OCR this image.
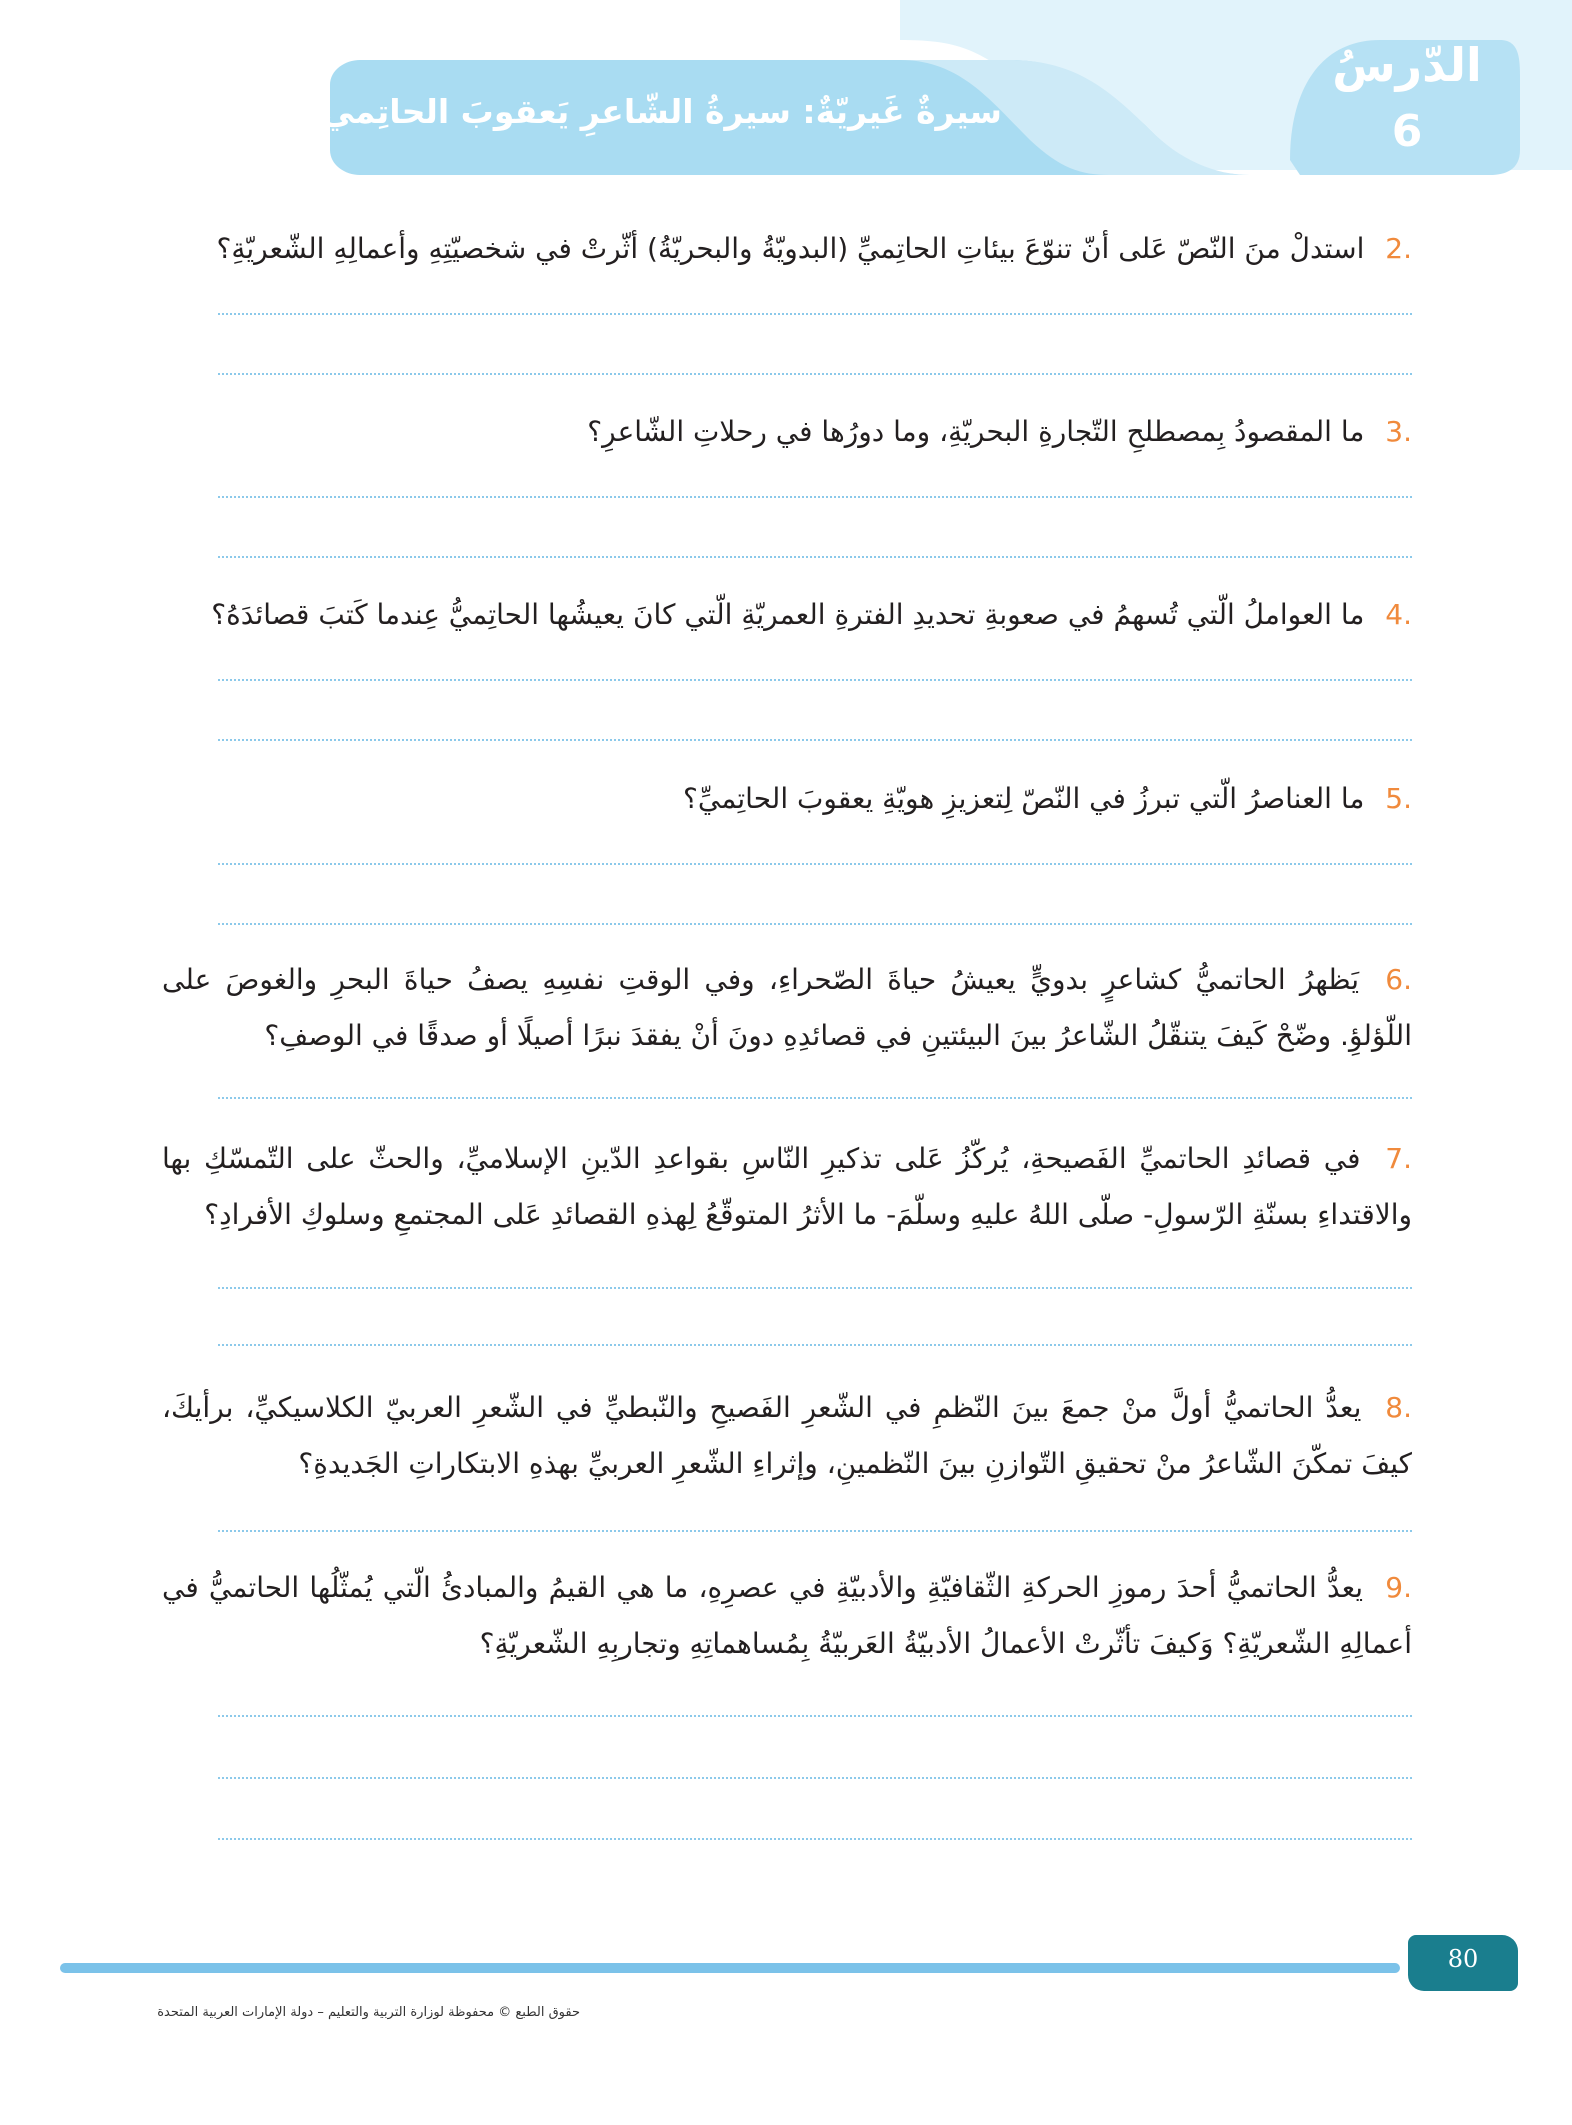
سيرةٌ غَيريّةٌ: سيرةُ الشّاعرِ يَعقوبَ الحاتِمي
الدّرسُ
6
.2 استدلْ منَ النّصّ عَلى أنّ تنوّعَ بيئاتِ الحاتِميِّ (البدويّةُ والبحريّةُ) أثّرتْ في شخصيّتِهِ وأعمالِهِ الشّعريّةِ؟
.3 ما المقصودُ بِمصطلحِ التّجارةِ البحريّةِ، وما دورُها في رحلاتِ الشّاعرِ؟
.4 ما العواملُ الّتي تُسهمُ في صعوبةِ تحديدِ الفترةِ العمريّةِ الّتي كانَ يعيشُها الحاتِميُّ عِندما كَتبَ قصائدَهُ؟
.5 ما العناصرُ الّتي تبرزُ في النّصّ لِتعزيزِ هويّةِ يعقوبَ الحاتِميِّ؟
.6 يَظهرُ الحاتميُّ كشاعرٍ بدويٍّ يعيشُ حياةَ الصّحراءِ، وفي الوقتِ نفسِهِ يصفُ حياةَ البحرِ والغوصَ على اللّؤلؤِ. وضّحْ كَيفَ يتنقّلُ الشّاعرُ بينَ البيئتينِ في قصائدِهِ دونَ أنْ يفقدَ نبرًا أصيلًا أو صدقًا في الوصفِ؟
.7 في قصائدِ الحاتميِّ الفَصيحةِ، يُركّزُ عَلى تذكيرِ النّاسِ بقواعدِ الدّينِ الإسلاميِّ، والحثّ على التّمسّكِ بها والاقتداءِ بسنّةِ الرّسولِ- صلّى اللهُ عليهِ وسلّمَ- ما الأثرُ المتوقّعُ لِهذهِ القصائدِ عَلى المجتمعِ وسلوكِ الأفرادِ؟
.8 يعدُّ الحاتميُّ أولَّ منْ جمعَ بينَ النّظمِ في الشّعرِ الفَصيحِ والنّبطيِّ في الشّعرِ العربيّ الكلاسيكيِّ، برأيكَ، كيفَ تمكّنَ الشّاعرُ منْ تحقيقِ التّوازنِ بينَ النّظمينِ، وإثراءِ الشّعرِ العربيِّ بهذهِ الابتكاراتِ الجَديدةِ؟
.9 يعدُّ الحاتميُّ أحدَ رموزِ الحركةِ الثّقافيّةِ والأدبيّةِ في عصرِهِ، ما هي القيمُ والمبادئُ الّتي يُمثّلُها الحاتميُّ في أعمالِهِ الشّعريّةِ؟ وَكيفَ تأثّرتْ الأعمالُ الأدبيّةُ العَربيّةُ بِمُساهماتِهِ وتجاربِهِ الشّعريّةِ؟
80
حقوق الطبع © محفوظة لوزارة التربية والتعليم – دولة الإمارات العربية المتحدة
